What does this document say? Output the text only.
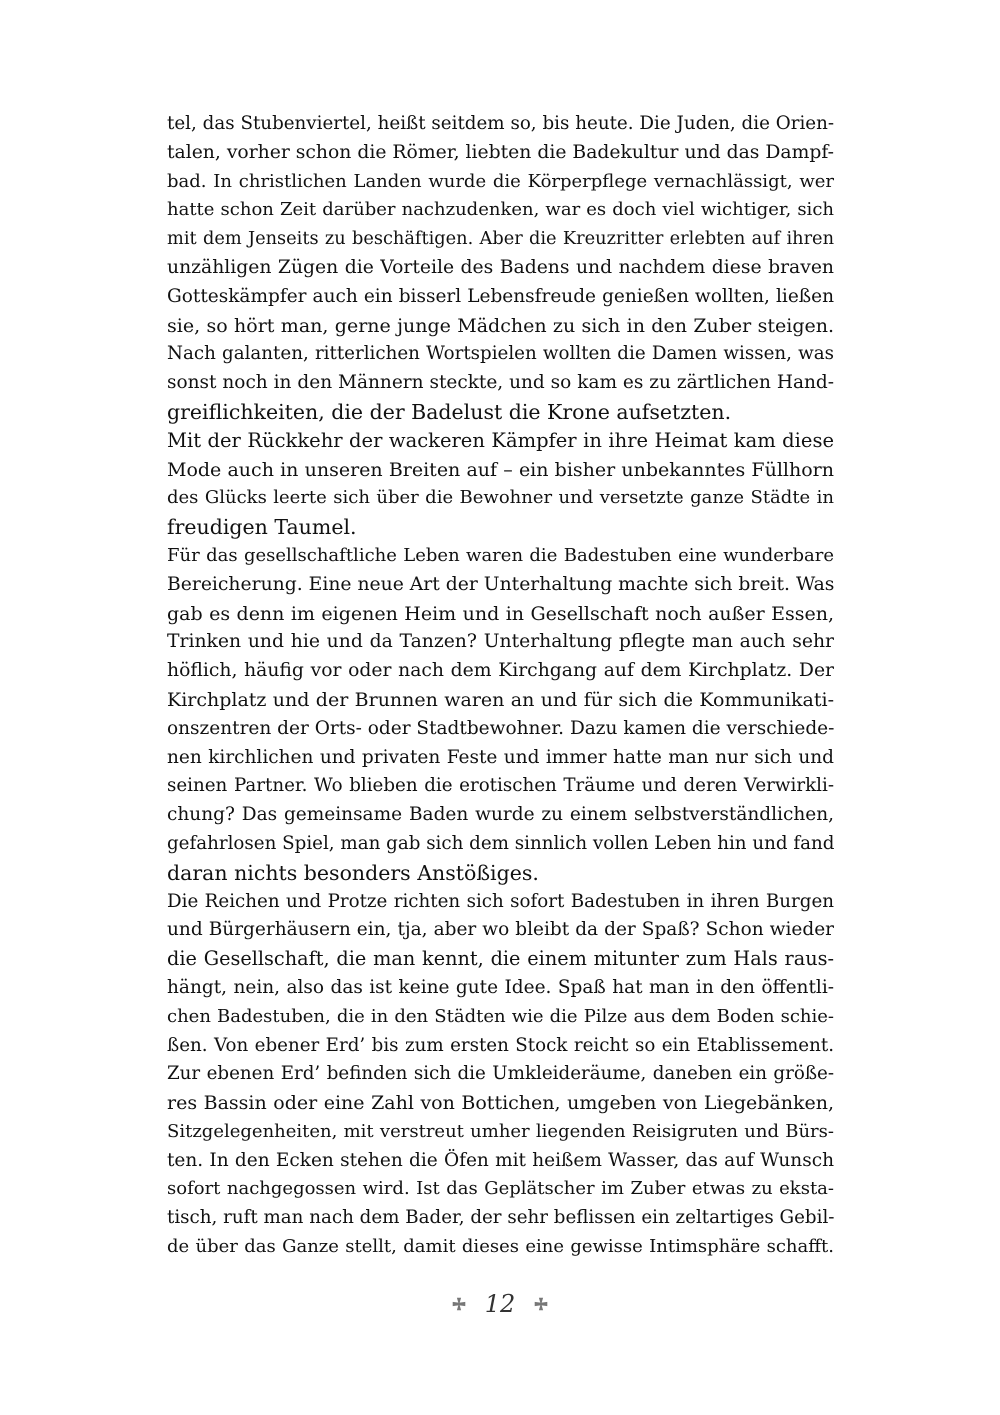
tel, das Stubenviertel, heißt seitdem so, bis heute. Die Juden, die Orien-
talen, vorher schon die Römer, liebten die Badekultur und das Dampf-
bad. In christlichen Landen wurde die Körperpflege vernachlässigt, wer
hatte schon Zeit darüber nachzudenken, war es doch viel wichtiger, sich
mit dem Jenseits zu beschäftigen. Aber die Kreuzritter erlebten auf ihren
unzähligen Zügen die Vorteile des Badens und nachdem diese braven
Gotteskämpfer auch ein bisserl Lebensfreude genießen wollten, ließen
sie, so hört man, gerne junge Mädchen zu sich in den Zuber steigen.
Nach galanten, ritterlichen Wortspielen wollten die Damen wissen, was
sonst noch in den Männern steckte, und so kam es zu zärtlichen Hand-
greiflichkeiten, die der Badelust die Krone aufsetzten.
Mit der Rückkehr der wackeren Kämpfer in ihre Heimat kam diese
Mode auch in unseren Breiten auf – ein bisher unbekanntes Füllhorn
des Glücks leerte sich über die Bewohner und versetzte ganze Städte in
freudigen Taumel.
Für das gesellschaftliche Leben waren die Badestuben eine wunderbare
Bereicherung. Eine neue Art der Unterhaltung machte sich breit. Was
gab es denn im eigenen Heim und in Gesellschaft noch außer Essen,
Trinken und hie und da Tanzen? Unterhaltung pflegte man auch sehr
höflich, häufig vor oder nach dem Kirchgang auf dem Kirchplatz. Der
Kirchplatz und der Brunnen waren an und für sich die Kommunikati-
onszentren der Orts- oder Stadtbewohner. Dazu kamen die verschiede-
nen kirchlichen und privaten Feste und immer hatte man nur sich und
seinen Partner. Wo blieben die erotischen Träume und deren Verwirkli-
chung? Das gemeinsame Baden wurde zu einem selbstverständlichen,
gefahrlosen Spiel, man gab sich dem sinnlich vollen Leben hin und fand
daran nichts besonders Anstößiges.
Die Reichen und Protze richten sich sofort Badestuben in ihren Burgen
und Bürgerhäusern ein, tja, aber wo bleibt da der Spaß? Schon wieder
die Gesellschaft, die man kennt, die einem mitunter zum Hals raus-
hängt, nein, also das ist keine gute Idee. Spaß hat man in den öffentli-
chen Badestuben, die in den Städten wie die Pilze aus dem Boden schie-
ßen. Von ebener Erd’ bis zum ersten Stock reicht so ein Etablissement.
Zur ebenen Erd’ befinden sich die Umkleideräume, daneben ein größe-
res Bassin oder eine Zahl von Bottichen, umgeben von Liegebänken,
Sitzgelegenheiten, mit verstreut umher liegenden Reisigruten und Bürs-
ten. In den Ecken stehen die Öfen mit heißem Wasser, das auf Wunsch
sofort nachgegossen wird. Ist das Geplätscher im Zuber etwas zu eksta-
tisch, ruft man nach dem Bader, der sehr beflissen ein zeltartiges Gebil-
de über das Ganze stellt, damit dieses eine gewisse Intimsphäre schafft.
12
